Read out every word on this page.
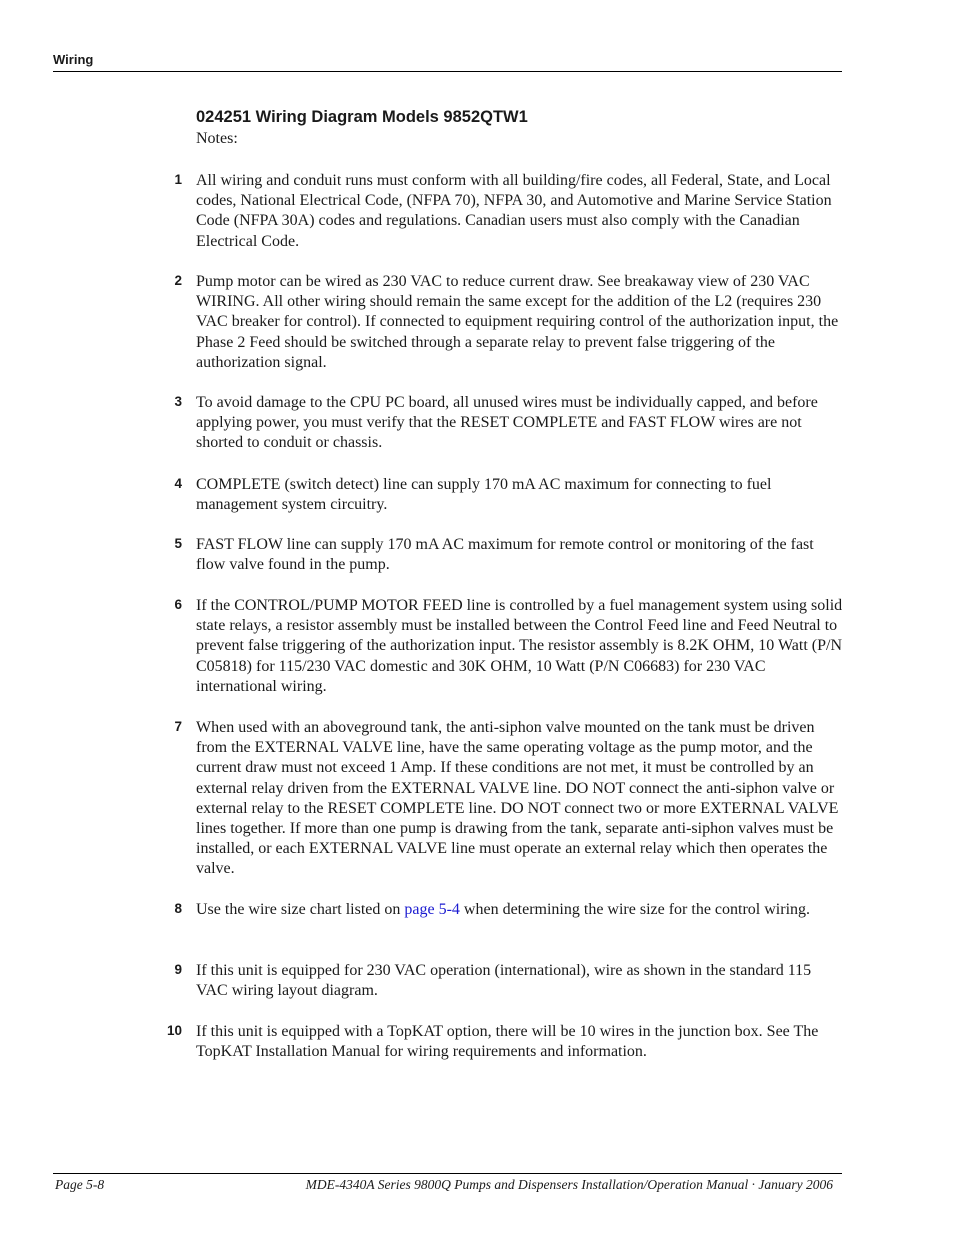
Wiring
024251 Wiring Diagram Models 9852QTW1
Notes:
1 All wiring and conduit runs must conform with all building/fire codes, all Federal, State, and Local codes, National Electrical Code, (NFPA 70), NFPA 30, and Automotive and Marine Service Station Code (NFPA 30A) codes and regulations. Canadian users must also comply with the Canadian Electrical Code.
2 Pump motor can be wired as 230 VAC to reduce current draw. See breakaway view of 230 VAC WIRING. All other wiring should remain the same except for the addition of the L2 (requires 230 VAC breaker for control). If connected to equipment requiring control of the authorization input, the Phase 2 Feed should be switched through a separate relay to prevent false triggering of the authorization signal.
3 To avoid damage to the CPU PC board, all unused wires must be individually capped, and before applying power, you must verify that the RESET COMPLETE and FAST FLOW wires are not shorted to conduit or chassis.
4 COMPLETE (switch detect) line can supply 170 mA AC maximum for connecting to fuel management system circuitry.
5 FAST FLOW line can supply 170 mA AC maximum for remote control or monitoring of the fast flow valve found in the pump.
6 If the CONTROL/PUMP MOTOR FEED line is controlled by a fuel management system using solid state relays, a resistor assembly must be installed between the Control Feed line and Feed Neutral to prevent false triggering of the authorization input. The resistor assembly is 8.2K OHM, 10 Watt (P/N C05818) for 115/230 VAC domestic and 30K OHM, 10 Watt (P/N C06683) for 230 VAC international wiring.
7 When used with an aboveground tank, the anti-siphon valve mounted on the tank must be driven from the EXTERNAL VALVE line, have the same operating voltage as the pump motor, and the current draw must not exceed 1 Amp. If these conditions are not met, it must be controlled by an external relay driven from the EXTERNAL VALVE line. DO NOT connect the anti-siphon valve or external relay to the RESET COMPLETE line. DO NOT connect two or more EXTERNAL VALVE lines together. If more than one pump is drawing from the tank, separate anti-siphon valves must be installed, or each EXTERNAL VALVE line must operate an external relay which then operates the valve.
8 Use the wire size chart listed on page 5-4 when determining the wire size for the control wiring.
9 If this unit is equipped for 230 VAC operation (international), wire as shown in the standard 115 VAC wiring layout diagram.
10 If this unit is equipped with a TopKAT option, there will be 10 wires in the junction box. See The TopKAT Installation Manual for wiring requirements and information.
Page 5-8	MDE-4340A Series 9800Q Pumps and Dispensers Installation/Operation Manual · January 2006
